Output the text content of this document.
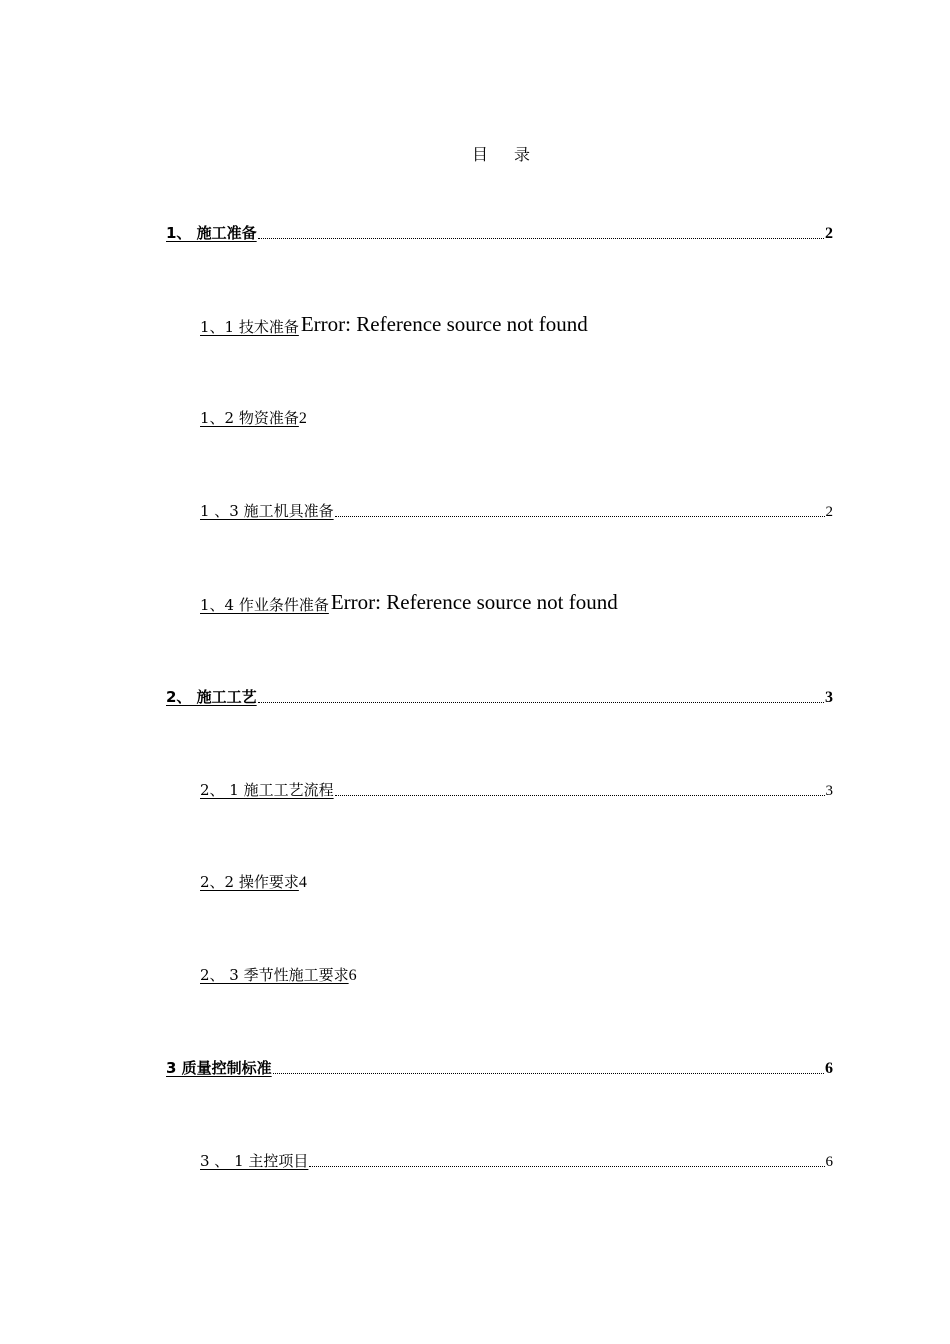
目 录
1、 施工准备	2
1、1 技术准备 Error: Reference source not found
1、2 物资准备 2
1 、3 施工机具准备	2
1、4 作业条件准备 Error: Reference source not found
2、 施工工艺	3
2、 1 施工工艺流程	3
2、2 操作要求 4
2、 3 季节性施工要求 6
3 质量控制标准	6
3 、 1 主控项目	6
